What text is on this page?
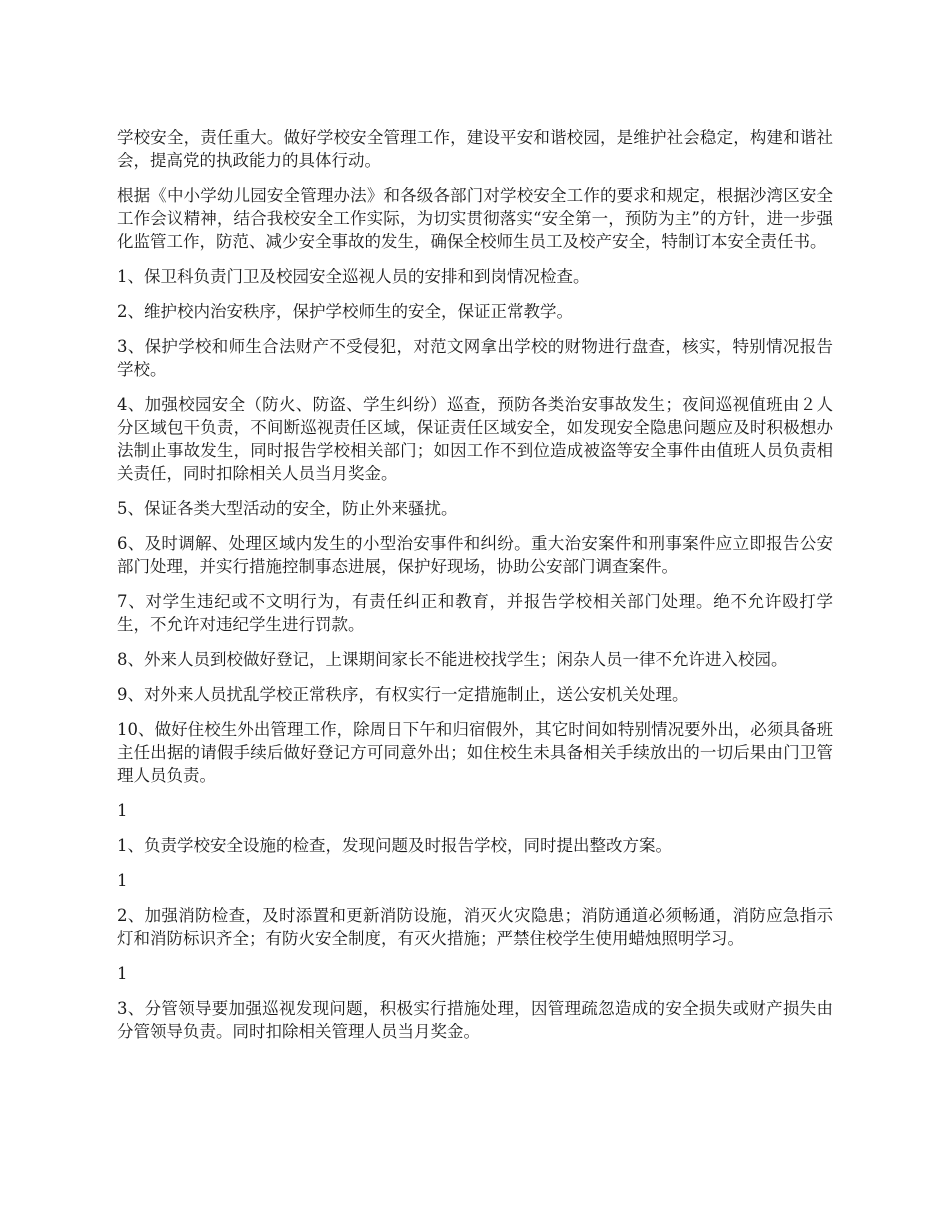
学校安全，责任重大。做好学校安全管理工作，建设平安和谐校园，是维护社会稳定，构建和谐社会，提高党的执政能力的具体行动。

根据《中小学幼儿园安全管理办法》和各级各部门对学校安全工作的要求和规定，根据沙湾区安全工作会议精神，结合我校安全工作实际，为切实贯彻落实“安全第一，预防为主”的方针，进一步强化监管工作，防范、减少安全事故的发生，确保全校师生员工及校产安全，特制订本安全责任书。

1、保卫科负责门卫及校园安全巡视人员的安排和到岗情况检查。

2、维护校内治安秩序，保护学校师生的安全，保证正常教学。

3、保护学校和师生合法财产不受侵犯，对范文网拿出学校的财物进行盘查，核实，特别情况报告学校。

4、加强校园安全（防火、防盗、学生纠纷）巡查，预防各类治安事故发生；夜间巡视值班由２人分区域包干负责，不间断巡视责任区域，保证责任区域安全，如发现安全隐患问题应及时积极想办法制止事故发生，同时报告学校相关部门；如因工作不到位造成被盗等安全事件由值班人员负责相关责任，同时扣除相关人员当月奖金。

5、保证各类大型活动的安全，防止外来骚扰。

6、及时调解、处理区域内发生的小型治安事件和纠纷。重大治安案件和刑事案件应立即报告公安部门处理，并实行措施控制事态进展，保护好现场，协助公安部门调查案件。

7、对学生违纪或不文明行为，有责任纠正和教育，并报告学校相关部门处理。绝不允许殴打学生，不允许对违纪学生进行罚款。

8、外来人员到校做好登记，上课期间家长不能进校找学生；闲杂人员一律不允许进入校园。

9、对外来人员扰乱学校正常秩序，有权实行一定措施制止，送公安机关处理。

10、做好住校生外出管理工作，除周日下午和归宿假外，其它时间如特别情况要外出，必须具备班主任出据的请假手续后做好登记方可同意外出；如住校生未具备相关手续放出的一切后果由门卫管理人员负责。

1

1、负责学校安全设施的检查，发现问题及时报告学校，同时提出整改方案。

1

2、加强消防检查，及时添置和更新消防设施，消灭火灾隐患；消防通道必须畅通，消防应急指示灯和消防标识齐全；有防火安全制度，有灭火措施；严禁住校学生使用蜡烛照明学习。

1

3、分管领导要加强巡视发现问题，积极实行措施处理，因管理疏忽造成的安全损失或财产损失由分管领导负责。同时扣除相关管理人员当月奖金。
